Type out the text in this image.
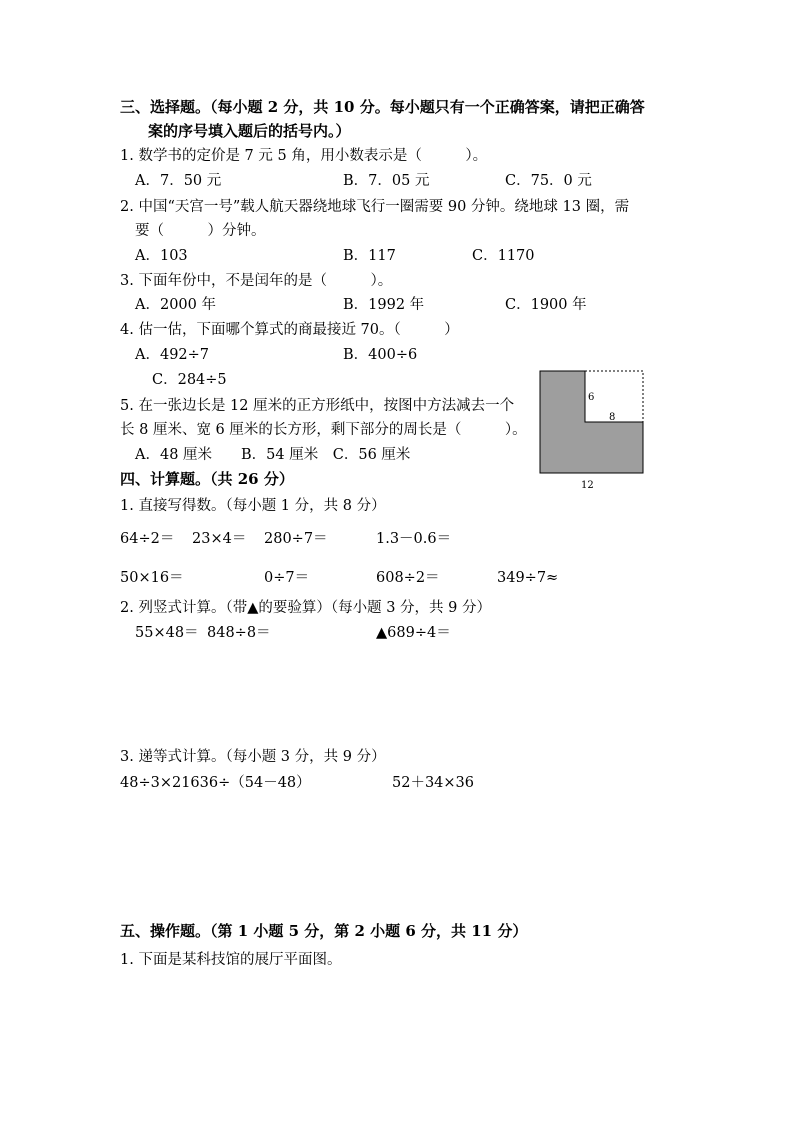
三、选择题。（每小题 2 分，共 10 分。每小题只有一个正确答案，请把正确答
案的序号填入题后的括号内。）
1. 数学书的定价是 7 元 5 角，用小数表示是（　　　）。
A．7．50 元	B．7．05 元	C．75．0 元
2. 中国“天宫一号”载人航天器绕地球飞行一圈需要 90 分钟。绕地球 13 圈，需
要（　　　）分钟。
A．103	B．117	C．1170
3. 下面年份中，不是闰年的是（　　　）。
A．2000 年	B．1992 年	C．1900 年
4. 估一估，下面哪个算式的商最接近 70。（　　　）
A．492÷7	B．400÷6
C．284÷5
5. 在一张边长是 12 厘米的正方形纸中，按图中方法减去一个
长 8 厘米、宽 6 厘米的长方形，剩下部分的周长是（　　　）。
A．48 厘米　　B．54 厘米　C．56 厘米
6
8
12
四、计算题。（共 26 分）
1. 直接写得数。（每小题 1 分，共 8 分）
64÷2＝ 23×4＝ 280÷7＝	1.3－0.6＝
50×16＝	0÷7＝	608÷2＝	349÷7≈
2. 列竖式计算。（带▲的要验算）（每小题 3 分，共 9 分）
55×48＝ 848÷8＝	▲689÷4＝
3. 递等式计算。（每小题 3 分，共 9 分）
48÷3×21636÷（54－48）	52＋34×36
五、操作题。（第 1 小题 5 分，第 2 小题 6 分，共 11 分）
1. 下面是某科技馆的展厅平面图。
